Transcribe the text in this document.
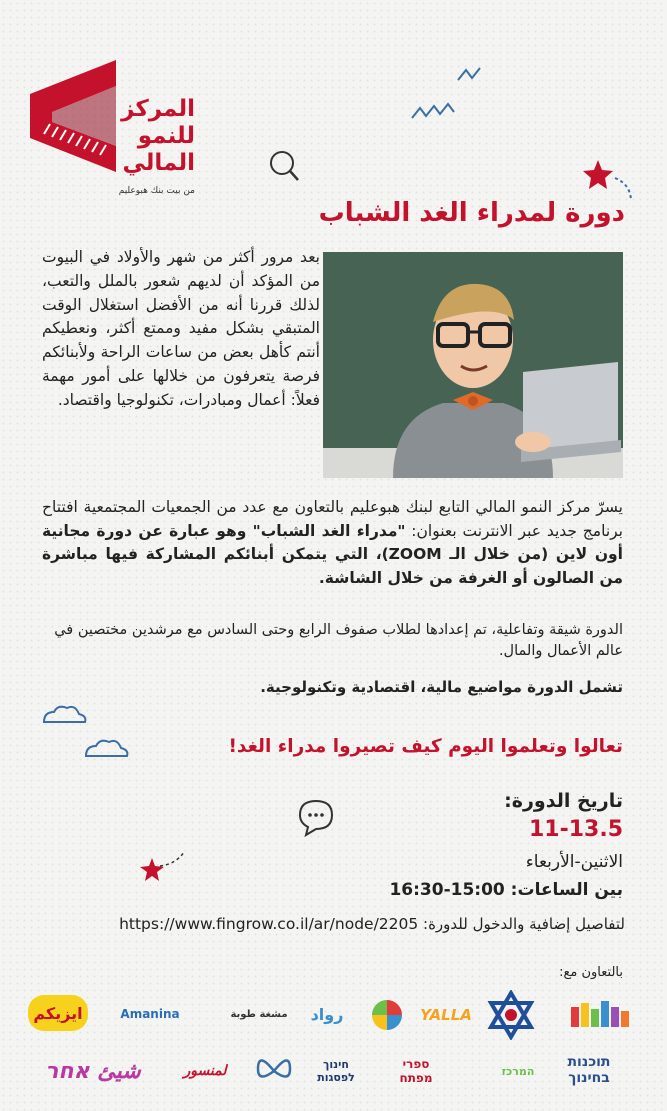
المركز
للنمو
المالي
من بيت بنك هبوعليم
دورة لمدراء الغد الشباب
بعد مرور أكثر من شهر والأولاد في البيوت من المؤكد أن لديهم شعور بالملل والتعب، لذلك قررنا أنه من الأفضل استغلال الوقت المتبقي بشكل مفيد وممتع أكثر، ونعطيكم أنتم كأهل بعض من ساعات الراحة ولأبنائكم فرصة يتعرفون من خلالها على أمور مهمة فعلاً: أعمال ومبادرات، تكنولوجيا واقتصاد.
يسرّ مركز النمو المالي التابع لبنك هبوعليم بالتعاون مع عدد من الجمعيات المجتمعية افتتاح برنامج جديد عبر الانترنت بعنوان: "مدراء الغد الشباب" وهو عبارة عن دورة مجانية أون لاين (من خلال الـ ZOOM)، التي يتمكن أبنائكم المشاركة فيها مباشرة من الصالون أو الغرفة من خلال الشاشة.
الدورة شيقة وتفاعلية، تم إعدادها لطلاب صفوف الرابع وحتى السادس مع مرشدين مختصين في عالم الأعمال والمال.
تشمل الدورة مواضيع مالية، اقتصادية وتكنولوجية.
تعالوا وتعلموا اليوم كيف تصيروا مدراء الغد!
تاريخ الدورة:
11-13.5
الاثنين-الأربعاء
بين الساعات: 15:00-16:30
لتفاصيل إضافية والدخول للدورة: https://www.fingrow.co.il/ar/node/2205
بالتعاون مع:
ايزيكم	Amanina	مشغة طوبة	رواد	YALLA
شيئ אחר	لمنسور	חינוך לפסגות
ספרי מפתח	המרכז
תוכנות בחינוך
